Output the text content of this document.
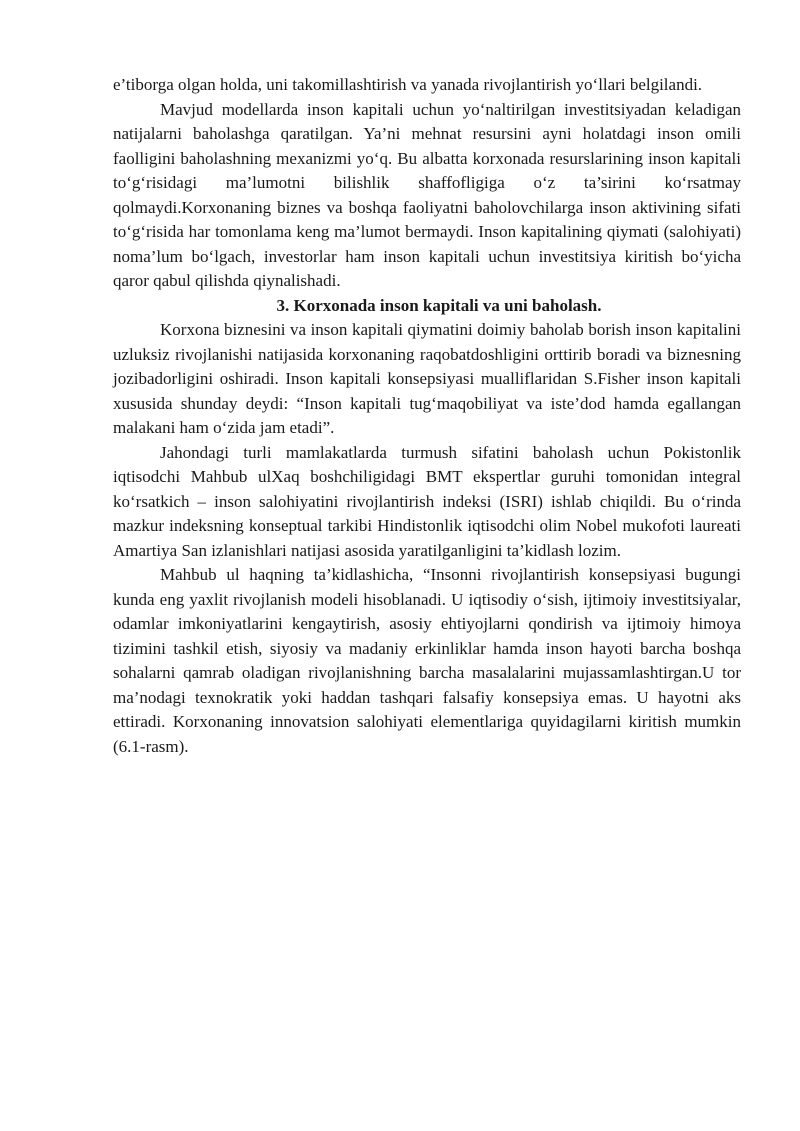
e’tiborga olgan holda, uni takomillashtirish va yanada rivojlantirish yo‘llari belgilandi.

Mavjud modellarda inson kapitali uchun yo‘naltirilgan investitsiyadan keladigan natijalarni baholashga qaratilgan. Ya’ni mehnat resursini ayni holatdagi inson omili faolligini baholashning mexanizmi yo‘q. Bu albatta korxonada resurslarining inson kapitali to‘g‘risidagi ma’lumotni bilishlik shaffofligiga o‘z ta’sirini ko‘rsatmay qolmaydi.Korxonaning biznes va boshqa faoliyatni baholovchilarga inson aktivining sifati to‘g‘risida har tomonlama keng ma’lumot bermaydi. Inson kapitalining qiymati (salohiyati) noma’lum bo‘lgach, investorlar ham inson kapitali uchun investitsiya kiritish bo‘yicha qaror qabul qilishda qiynalishadi.

3. Korxonada inson kapitali va uni baholash.

Korxona biznesini va inson kapitali qiymatini doimiy baholab borish inson kapitalini uzluksiz rivojlanishi natijasida korxonaning raqobatdoshligini orttirib boradi va biznesning jozibadorligini oshiradi. Inson kapitali konsepsiyasi mualliflaridan S.Fisher inson kapitali xususida shunday deydi: “Inson kapitali tug‘maqobiliyat va iste’dod hamda egallangan malakani ham o‘zida jam etadi”.

Jahondagi turli mamlakatlarda turmush sifatini baholash uchun Pokistonlik iqtisodchi Mahbub ulXaq boshchiligidagi BMT ekspertlar guruhi tomonidan integral ko‘rsatkich – inson salohiyatini rivojlantirish indeksi (ISRI) ishlab chiqildi. Bu o‘rinda mazkur indeksning konseptual tarkibi Hindistonlik iqtisodchi olim Nobel mukofoti laureati Amartiya San izlanishlari natijasi asosida yaratilganligini ta’kidlash lozim.

Mahbub ul haqning ta’kidlashicha, “Insonni rivojlantirish konsepsiyasi bugungi kunda eng yaxlit rivojlanish modeli hisoblanadi. U iqtisodiy o‘sish, ijtimoiy investitsiyalar, odamlar imkoniyatlarini kengaytirish, asosiy ehtiyojlarni qondirish va ijtimoiy himoya tizimini tashkil etish, siyosiy va madaniy erkinliklar hamda inson hayoti barcha boshqa sohalarni qamrab oladigan rivojlanishning barcha masalalarini mujassamlashtirgan.U tor ma’nodagi texnokratik yoki haddan tashqari falsafiy konsepsiya emas. U hayotni aks ettiradi. Korxonaning innovatsion salohiyati elementlariga quyidagilarni kiritish mumkin (6.1-rasm).
